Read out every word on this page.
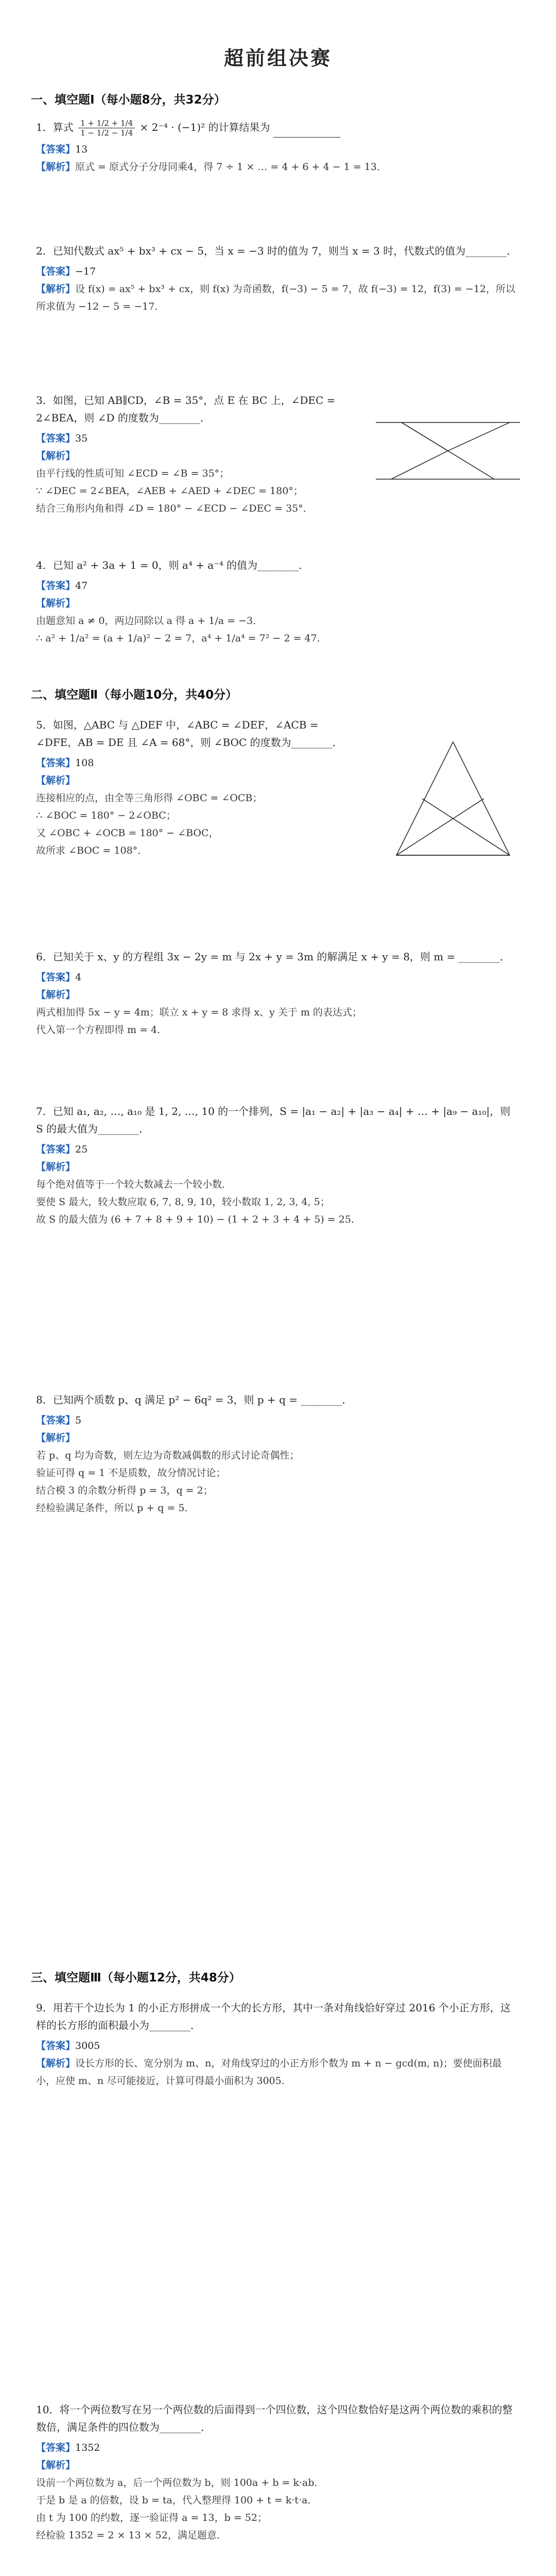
超前组决赛
一、填空题Ⅰ（每小题8分，共32分）
1．算式 $\frac{1 + 1/2 + 1/4}{1 - 1/2 - 1/4} \times 2^{-4} \cdot (-1)^2$ 的计算结果为
【答案】13
【解析】原式 = 原式分子分母同乘4，得 7 ÷ 1 × … = 4 + 6 + 4 − 1 = 13．
2．已知代数式 ax⁵ + bx³ + cx − 5，当 x = −3 时的值为 7，则当 x = 3 时，代数式的值为________．
【答案】−17
【解析】设 f(x) = ax⁵ + bx³ + cx，则 f(x) 为奇函数，f(−3) − 5 = 7，故 f(−3) = 12，f(3) = −12，所以所求值为 −12 − 5 = −17．
3．如图，已知 AB∥CD，∠B = 35°，点 E 在 BC 上，∠DEC = 2∠BEA，则 ∠D 的度数为________．
【答案】35
【解析】
由平行线的性质可知 ∠ECD = ∠B = 35°；
∵ ∠DEC = 2∠BEA，∠AEB + ∠AED + ∠DEC = 180°；
结合三角形内角和得 ∠D = 180° − ∠ECD − ∠DEC = 35°．
4．已知 a² + 3a + 1 = 0，则 a⁴ + a⁻⁴ 的值为________．
【答案】47
【解析】
由题意知 a ≠ 0，两边同除以 a 得 a + 1/a = −3．
∴ a² + 1/a² = (a + 1/a)² − 2 = 7，a⁴ + 1/a⁴ = 7² − 2 = 47．
二、填空题Ⅱ（每小题10分，共40分）
5．如图，△ABC 与 △DEF 中，∠ABC = ∠DEF，∠ACB = ∠DFE，AB = DE 且 ∠A = 68°，则 ∠BOC 的度数为________．
【答案】108
【解析】
连接相应的点，由全等三角形得 ∠OBC = ∠OCB；
∴ ∠BOC = 180° − 2∠OBC；
又 ∠OBC + ∠OCB = 180° − ∠BOC，
故所求 ∠BOC = 108°．
6．已知关于 x、y 的方程组 3x − 2y = m 与 2x + y = 3m 的解满足 x + y = 8，则 m = ________．
【答案】4
【解析】
两式相加得 5x − y = 4m；联立 x + y = 8 求得 x、y 关于 m 的表达式；
代入第一个方程即得 m = 4．
7．已知 a₁, a₂, …, a₁₀ 是 1, 2, …, 10 的一个排列，S = |a₁ − a₂| + |a₃ − a₄| + … + |a₉ − a₁₀|，则 S 的最大值为________．
【答案】25
【解析】
每个绝对值等于一个较大数减去一个较小数．
要使 S 最大，较大数应取 6, 7, 8, 9, 10，较小数取 1, 2, 3, 4, 5；
故 S 的最大值为 (6 + 7 + 8 + 9 + 10) − (1 + 2 + 3 + 4 + 5) = 25．
8．已知两个质数 p、q 满足 p² − 6q² = 3，则 p + q = ________．
【答案】5
【解析】
若 p、q 均为奇数，则左边为奇数减偶数的形式讨论奇偶性；
验证可得 q = 1 不是质数，故分情况讨论；
结合模 3 的余数分析得 p = 3，q = 2；
经检验满足条件，所以 p + q = 5．
三、填空题Ⅲ（每小题12分，共48分）
9．用若干个边长为 1 的小正方形拼成一个大的长方形，其中一条对角线恰好穿过 2016 个小正方形，这样的长方形的面积最小为________．
【答案】3005
【解析】设长方形的长、宽分别为 m、n，对角线穿过的小正方形个数为 m + n − gcd(m, n)；要使面积最小，应使 m、n 尽可能接近，计算可得最小面积为 3005．
10．将一个两位数写在另一个两位数的后面得到一个四位数，这个四位数恰好是这两个两位数的乘积的整数倍，满足条件的四位数为________．
【答案】1352
【解析】
设前一个两位数为 a，后一个两位数为 b，则 100a + b = k·ab．
于是 b 是 a 的倍数，设 b = ta，代入整理得 100 + t = k·t·a．
由 t 为 100 的约数，逐一验证得 a = 13，b = 52；
经检验 1352 = 2 × 13 × 52，满足题意．
